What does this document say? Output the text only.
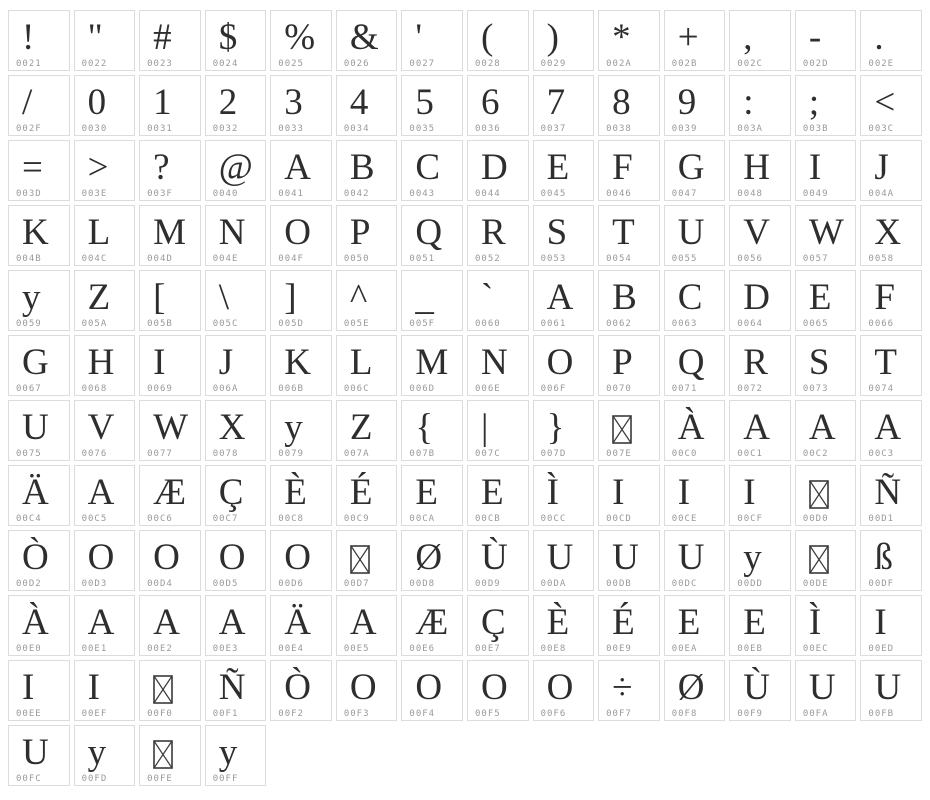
!
0021
"
0022
#
0023
$
0024
%
0025
&
0026
'
0027
(
0028
)
0029
*
002A
+
002B
,
002C
-
002D
.
002E
/
002F
0
0030
1
0031
2
0032
3
0033
4
0034
5
0035
6
0036
7
0037
8
0038
9
0039
:
003A
;
003B
<
003C
=
003D
>
003E
?
003F
@
0040
A
0041
B
0042
C
0043
D
0044
E
0045
F
0046
G
0047
H
0048
I
0049
J
004A
K
004B
L
004C
M
004D
N
004E
O
004F
P
0050
Q
0051
R
0052
S
0053
T
0054
U
0055
V
0056
W
0057
X
0058
y
0059
Z
005A
[
005B
\
005C
]
005D
^
005E
_
005F
`
0060
A
0061
B
0062
C
0063
D
0064
E
0065
F
0066
G
0067
H
0068
I
0069
J
006A
K
006B
L
006C
M
006D
N
006E
O
006F
P
0070
Q
0071
R
0072
S
0073
T
0074
U
0075
V
0076
W
0077
X
0078
y
0079
Z
007A
{
007B
|
007C
}
007D	007E
À
00C0
A
00C1
A
00C2
A
00C3
Ä
00C4
A
00C5
Æ
00C6
Ç
00C7
È
00C8
É
00C9
E
00CA
E
00CB
Ì
00CC
I
00CD
I
00CE
I
00CF	00D0
Ñ
00D1
Ò
00D2
O
00D3
O
00D4
O
00D5
O
00D6	00D7
Ø
00D8
Ù
00D9
U
00DA
U
00DB
U
00DC
y
00DD	00DE
ß
00DF
À
00E0
A
00E1
A
00E2
A
00E3
Ä
00E4
A
00E5
Æ
00E6
Ç
00E7
È
00E8
É
00E9
E
00EA
E
00EB
Ì
00EC
I
00ED
I
00EE
I
00EF	00F0
Ñ
00F1
Ò
00F2
O
00F3
O
00F4
O
00F5
O
00F6
÷
00F7
Ø
00F8
Ù
00F9
U
00FA
U
00FB
U
00FC
y
00FD	00FE
y
00FF
